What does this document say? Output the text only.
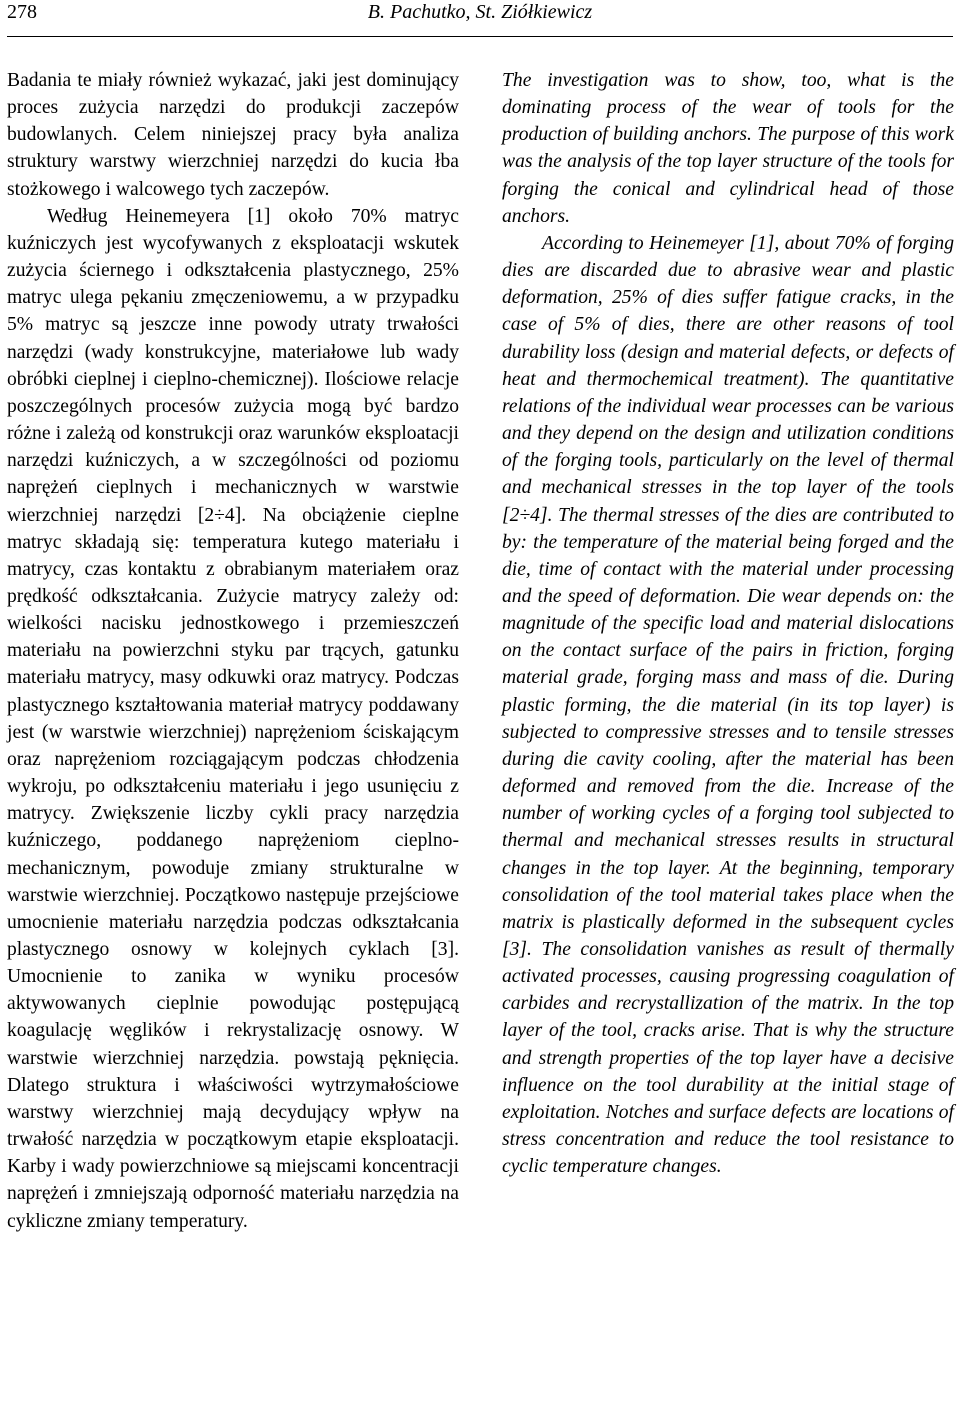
278	B. Pachutko, St. Ziółkiewicz

Badania te miały również wykazać, jaki jest dominujący proces zużycia narzędzi do produkcji zaczepów budowlanych. Celem niniejszej pracy była analiza struktury warstwy wierzchniej narzędzi do kucia łba stożkowego i walcowego tych zaczepów.

Według Heinemeyera [1] około 70% matryc kuźniczych jest wycofywanych z eksploatacji wskutek zużycia ściernego i odkształcenia plastycznego, 25% matryc ulega pękaniu zmęczeniowemu, a w przypadku 5% matryc są jeszcze inne powody utraty trwałości narzędzi (wady konstrukcyjne, materiałowe lub wady obróbki cieplnej i cieplno-chemicznej). Ilościowe relacje poszczególnych procesów zużycia mogą być bardzo różne i zależą od konstrukcji oraz warunków eksploatacji narzędzi kuźniczych, a w szczególności od poziomu naprężeń cieplnych i mechanicznych w warstwie wierzchniej narzędzi [2÷4]. Na obciążenie cieplne matryc składają się: temperatura kutego materiału i matrycy, czas kontaktu z obrabianym materiałem oraz prędkość odkształcania. Zużycie matrycy zależy od: wielkości nacisku jednostkowego i przemieszczeń materiału na powierzchni styku par trących, gatunku materiału matrycy, masy odkuwki oraz matrycy. Podczas plastycznego kształtowania materiał matrycy poddawany jest (w warstwie wierzchniej) naprężeniom ściskającym oraz naprężeniom rozciągającym podczas chłodzenia wykroju, po odkształceniu materiału i jego usunięciu z matrycy. Zwiększenie liczby cykli pracy narzędzia kuźniczego, poddanego naprężeniom cieplno-mechanicznym, powoduje zmiany strukturalne w warstwie wierzchniej. Początkowo następuje przejściowe umocnienie materiału narzędzia podczas odkształcania plastycznego osnowy w kolejnych cyklach [3]. Umocnienie to zanika w wyniku procesów aktywowanych cieplnie powodując postępującą koagulację węglików i rekrystalizację osnowy. W warstwie wierzchniej narzędzia. powstają pęknięcia. Dlatego struktura i właściwości wytrzymałościowe warstwy wierzchniej mają decydujący wpływ na trwałość narzędzia w początkowym etapie eksploatacji. Karby i wady powierzchniowe są miejscami koncentracji naprężeń i zmniejszają odporność materiału narzędzia na cykliczne zmiany temperatury.

The investigation was to show, too, what is the dominating process of the wear of tools for the production of building anchors. The purpose of this work was the analysis of the top layer structure of the tools for forging the conical and cylindrical head of those anchors.

According to Heinemeyer [1], about 70% of forging dies are discarded due to abrasive wear and plastic deformation, 25% of dies suffer fatigue cracks, in the case of 5% of dies, there are other reasons of tool durability loss (design and material defects, or defects of heat and thermochemical treatment). The quantitative relations of the individual wear processes can be various and they depend on the design and utilization conditions of the forging tools, particularly on the level of thermal and mechanical stresses in the top layer of the tools [2÷4]. The thermal stresses of the dies are contributed to by: the temperature of the material being forged and the die, time of contact with the material under processing and the speed of deformation. Die wear depends on: the magnitude of the specific load and material dislocations on the contact surface of the pairs in friction, forging material grade, forging mass and mass of die. During plastic forming, the die material (in its top layer) is subjected to compressive stresses and to tensile stresses during die cavity cooling, after the material has been deformed and removed from the die. Increase of the number of working cycles of a forging tool subjected to thermal and mechanical stresses results in structural changes in the top layer. At the beginning, temporary consolidation of the tool material takes place when the matrix is plastically deformed in the subsequent cycles [3]. The consolidation vanishes as result of thermally activated processes, causing progressing coagulation of carbides and recrystallization of the matrix. In the top layer of the tool, cracks arise. That is why the structure and strength properties of the top layer have a decisive influence on the tool durability at the initial stage of exploitation. Notches and surface defects are locations of stress concentration and reduce the tool resistance to cyclic temperature changes.
